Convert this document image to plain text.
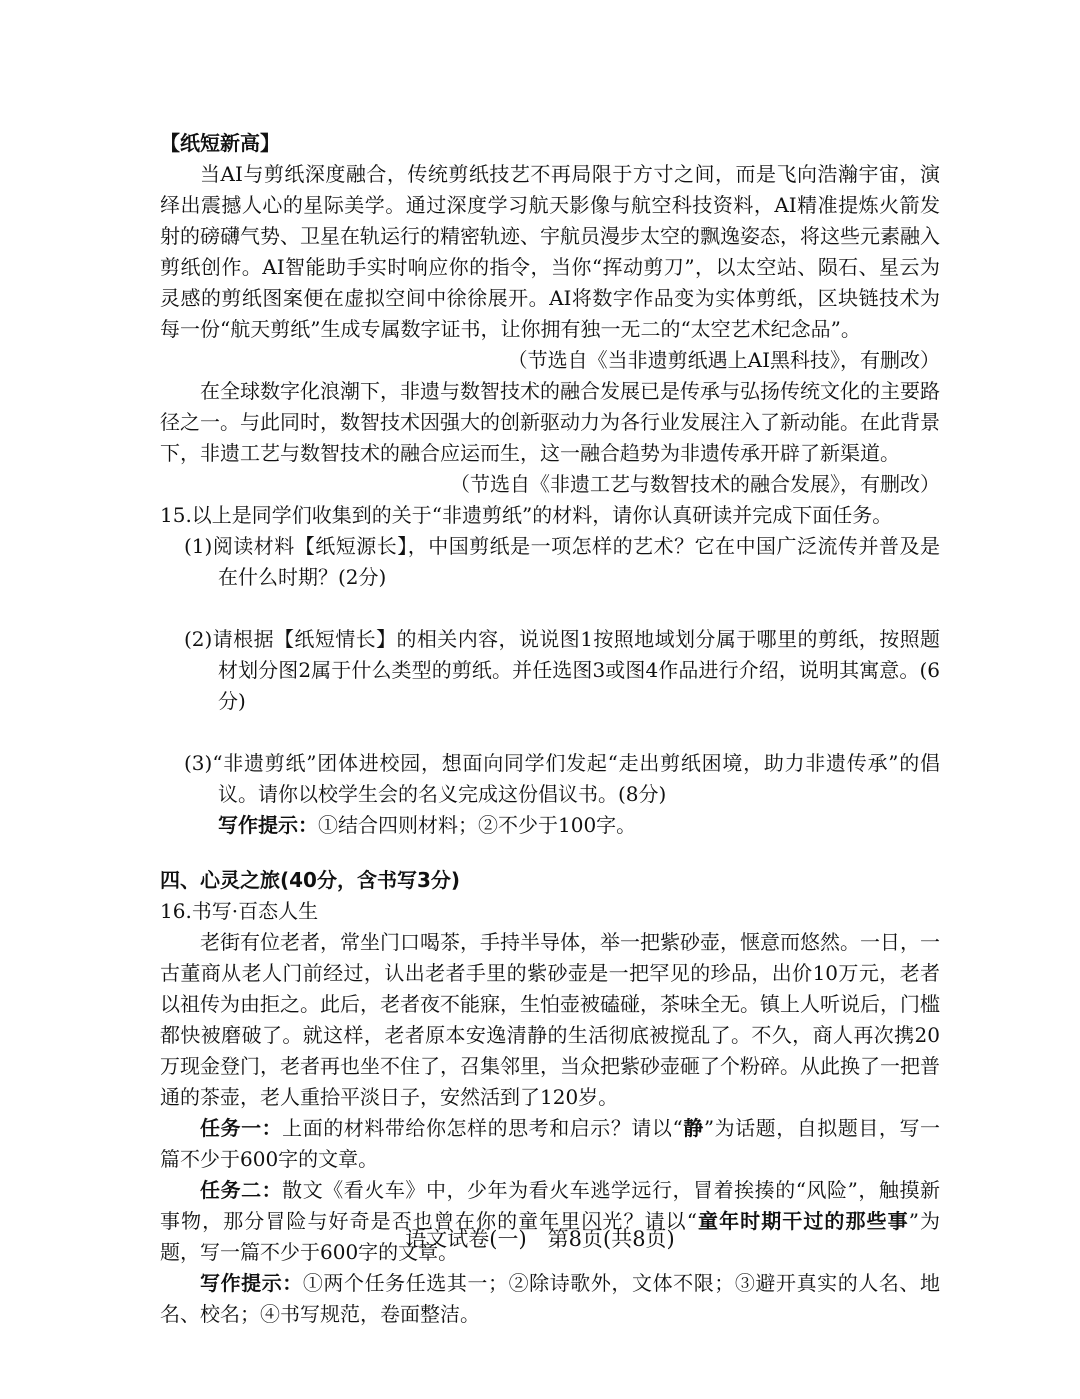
【纸短新高】

当AI与剪纸深度融合，传统剪纸技艺不再局限于方寸之间，而是飞向浩瀚宇宙，演绎出震撼人心的星际美学。通过深度学习航天影像与航空科技资料，AI精准提炼火箭发射的磅礴气势、卫星在轨运行的精密轨迹、宇航员漫步太空的飘逸姿态，将这些元素融入剪纸创作。AI智能助手实时响应你的指令，当你“挥动剪刀”，以太空站、陨石、星云为灵感的剪纸图案便在虚拟空间中徐徐展开。AI将数字作品变为实体剪纸，区块链技术为每一份“航天剪纸”生成专属数字证书，让你拥有独一无二的“太空艺术纪念品”。

（节选自《当非遗剪纸遇上AI黑科技》，有删改）

在全球数字化浪潮下，非遗与数智技术的融合发展已是传承与弘扬传统文化的主要路径之一。与此同时，数智技术因强大的创新驱动力为各行业发展注入了新动能。在此背景下，非遗工艺与数智技术的融合应运而生，这一融合趋势为非遗传承开辟了新渠道。

（节选自《非遗工艺与数智技术的融合发展》，有删改）

15.以上是同学们收集到的关于“非遗剪纸”的材料，请你认真研读并完成下面任务。

(1)阅读材料【纸短源长】，中国剪纸是一项怎样的艺术？它在中国广泛流传并普及是在什么时期？(2分)

(2)请根据【纸短情长】的相关内容，说说图1按照地域划分属于哪里的剪纸，按照题材划分图2属于什么类型的剪纸。并任选图3或图4作品进行介绍，说明其寓意。(6分)

(3)“非遗剪纸”团体进校园，想面向同学们发起“走出剪纸困境，助力非遗传承”的倡议。请你以校学生会的名义完成这份倡议书。(8分)

写作提示：①结合四则材料；②不少于100字。

四、心灵之旅(40分，含书写3分)

16.书写·百态人生

老街有位老者，常坐门口喝茶，手持半导体，举一把紫砂壶，惬意而悠然。一日，一古董商从老人门前经过，认出老者手里的紫砂壶是一把罕见的珍品，出价10万元，老者以祖传为由拒之。此后，老者夜不能寐，生怕壶被磕碰，茶味全无。镇上人听说后，门槛都快被磨破了。就这样，老者原本安逸清静的生活彻底被搅乱了。不久，商人再次携20万现金登门，老者再也坐不住了，召集邻里，当众把紫砂壶砸了个粉碎。从此换了一把普通的茶壶，老人重拾平淡日子，安然活到了120岁。

任务一：上面的材料带给你怎样的思考和启示？请以“静”为话题，自拟题目，写一篇不少于600字的文章。

任务二：散文《看火车》中，少年为看火车逃学远行，冒着挨揍的“风险”，触摸新事物，那分冒险与好奇是否也曾在你的童年里闪光？请以“童年时期干过的那些事”为题，写一篇不少于600字的文章。

写作提示：①两个任务任选其一；②除诗歌外，文体不限；③避开真实的人名、地名、校名；④书写规范，卷面整洁。

语文试卷(一)　第8页(共8页)
